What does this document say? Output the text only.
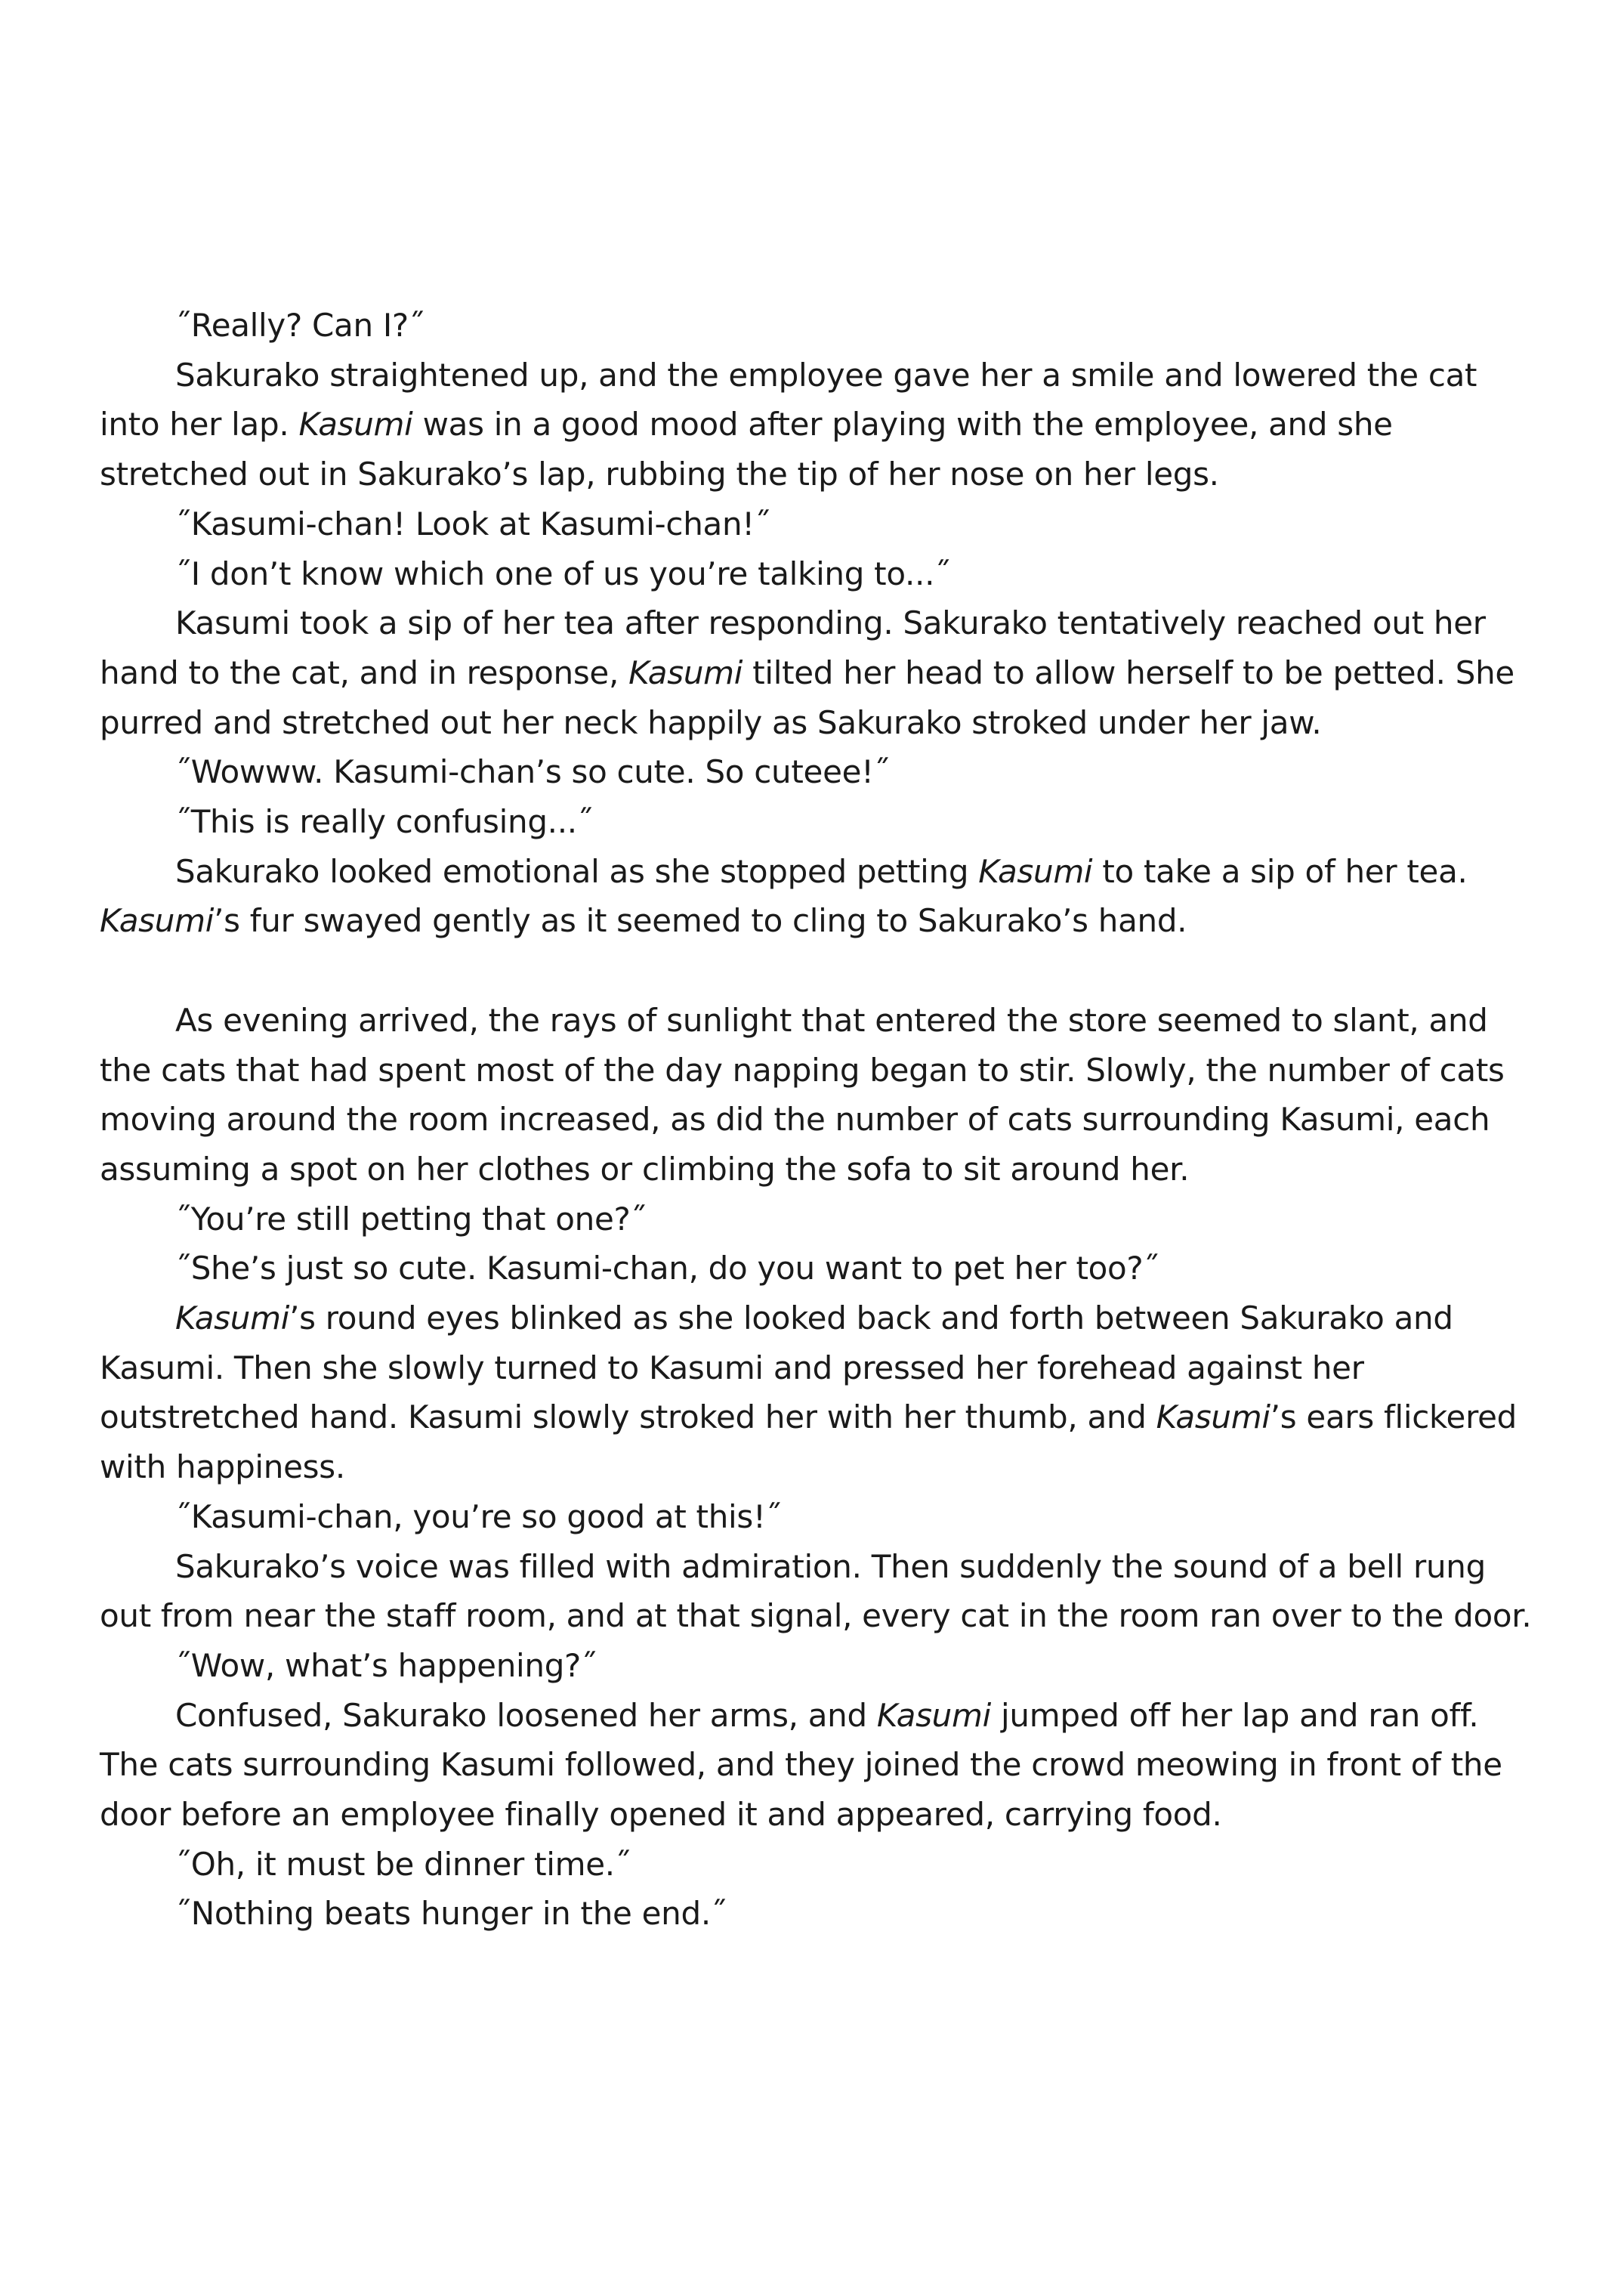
˝Really? Can I?˝

Sakurako straightened up, and the employee gave her a smile and lowered the cat into her lap. Kasumi was in a good mood after playing with the employee, and she stretched out in Sakurako’s lap, rubbing the tip of her nose on her legs.

˝Kasumi-chan! Look at Kasumi-chan!˝

˝I don’t know which one of us you’re talking to...˝

Kasumi took a sip of her tea after responding. Sakurako tentatively reached out her hand to the cat, and in response, Kasumi tilted her head to allow herself to be petted. She purred and stretched out her neck happily as Sakurako stroked under her jaw.

˝Wowww. Kasumi-chan’s so cute. So cuteee!˝

˝This is really confusing...˝

Sakurako looked emotional as she stopped petting Kasumi to take a sip of her tea. Kasumi’s fur swayed gently as it seemed to cling to Sakurako’s hand.

As evening arrived, the rays of sunlight that entered the store seemed to slant, and the cats that had spent most of the day napping began to stir. Slowly, the number of cats moving around the room increased, as did the number of cats surrounding Kasumi, each assuming a spot on her clothes or climbing the sofa to sit around her.

˝You’re still petting that one?˝

˝She’s just so cute. Kasumi-chan, do you want to pet her too?˝

Kasumi’s round eyes blinked as she looked back and forth between Sakurako and Kasumi. Then she slowly turned to Kasumi and pressed her forehead against her outstretched hand. Kasumi slowly stroked her with her thumb, and Kasumi’s ears flickered with happiness.

˝Kasumi-chan, you’re so good at this!˝

Sakurako’s voice was filled with admiration. Then suddenly the sound of a bell rung out from near the staff room, and at that signal, every cat in the room ran over to the door.

˝Wow, what’s happening?˝

Confused, Sakurako loosened her arms, and Kasumi jumped off her lap and ran off. The cats surrounding Kasumi followed, and they joined the crowd meowing in front of the door before an employee finally opened it and appeared, carrying food.

˝Oh, it must be dinner time.˝

˝Nothing beats hunger in the end.˝
